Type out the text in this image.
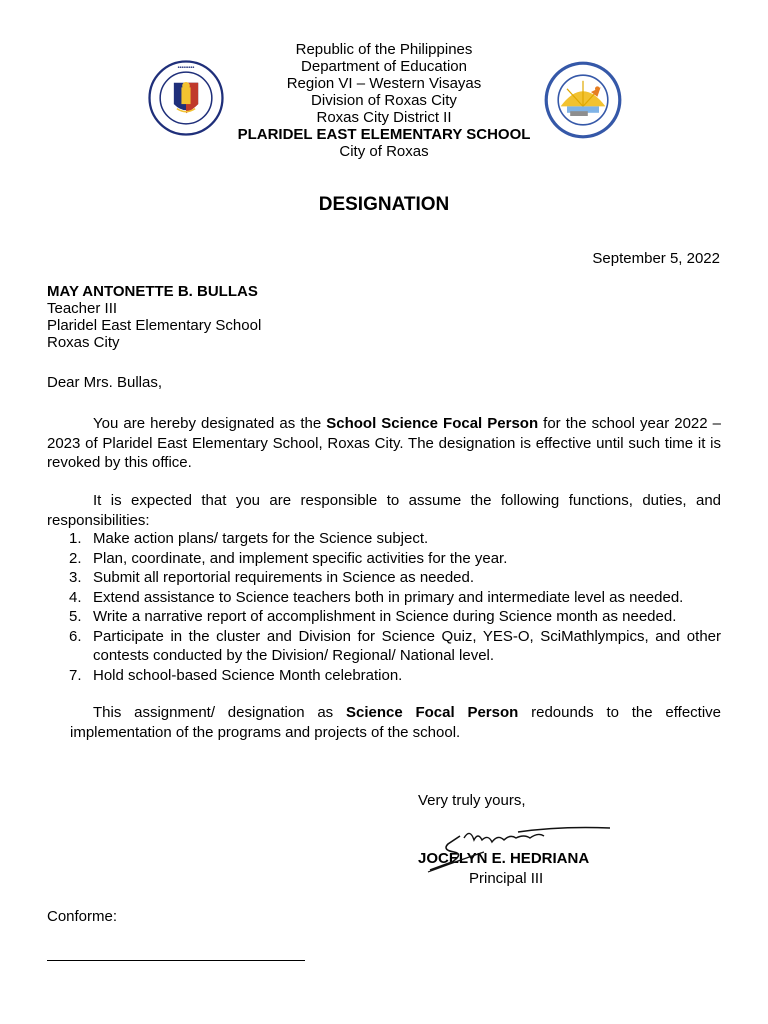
Republic of the Philippines
Department of Education
Region VI – Western Visayas
Division of Roxas City
Roxas City District II
PLARIDEL EAST ELEMENTARY SCHOOL
City of Roxas
•••••••••
DESIGNATION
September 5, 2022
MAY ANTONETTE B. BULLAS
Teacher III
Plaridel East Elementary School
Roxas City
Dear Mrs. Bullas,
You are hereby designated as the School Science Focal Person for the school year 2022 – 2023 of Plaridel East Elementary School, Roxas City. The designation is effective until such time it is revoked by this office.
It is expected that you are responsible to assume the following functions, duties, and responsibilities:
1. Make action plans/ targets for the Science subject.
2. Plan, coordinate, and implement specific activities for the year.
3. Submit all reportorial requirements in Science as needed.
4. Extend assistance to Science teachers both in primary and intermediate level as needed.
5. Write a narrative report of accomplishment in Science during Science month as needed.
6. Participate in the cluster and Division for Science Quiz, YES-O, SciMathlympics, and other contests conducted by the Division/ Regional/ National level.
7. Hold school-based Science Month celebration.
This assignment/ designation as Science Focal Person redounds to the effective implementation of the programs and projects of the school.
Very truly yours,
JOCELYN E. HEDRIANA
Principal III
Conforme:
